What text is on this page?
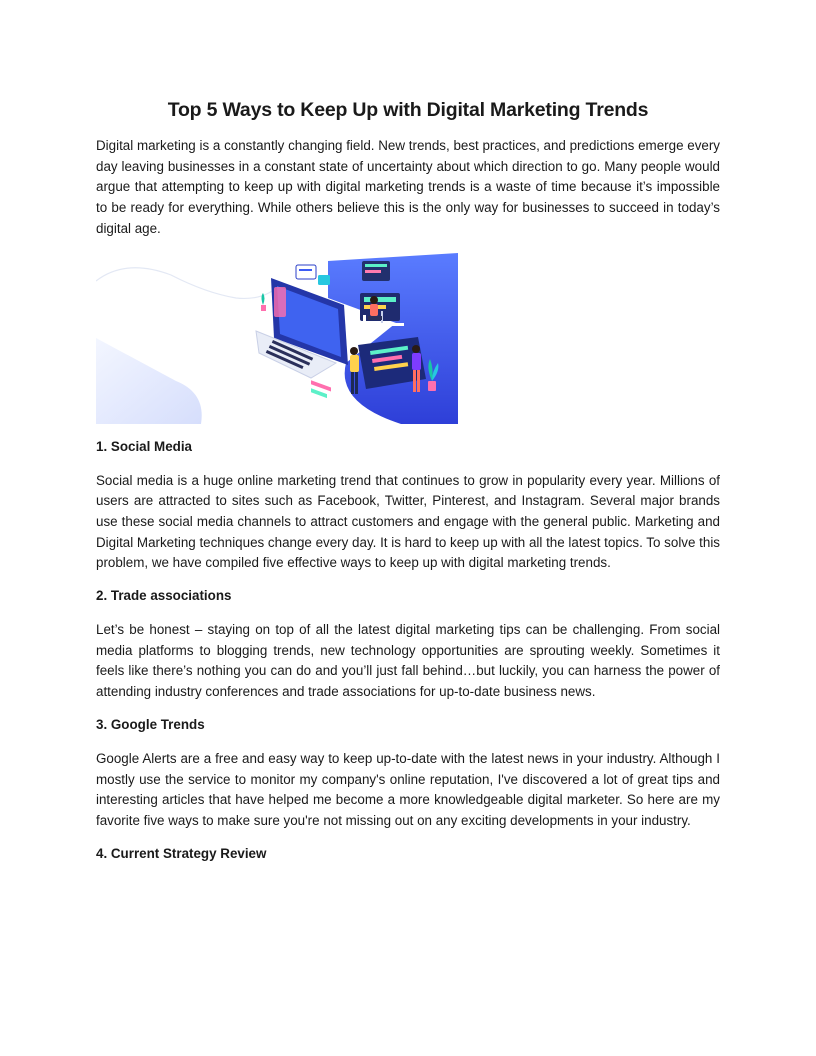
Top 5 Ways to Keep Up with Digital Marketing Trends

Digital marketing is a constantly changing field. New trends, best practices, and predictions emerge every day leaving businesses in a constant state of uncertainty about which direction to go. Many people would argue that attempting to keep up with digital marketing trends is a waste of time because it’s impossible to be ready for everything. While others believe this is the only way for businesses to succeed in today’s digital age.

1. Social Media

Social media is a huge online marketing trend that continues to grow in popularity every year. Millions of users are attracted to sites such as Facebook, Twitter, Pinterest, and Instagram. Several major brands use these social media channels to attract customers and engage with the general public. Marketing and Digital Marketing techniques change every day. It is hard to keep up with all the latest topics. To solve this problem, we have compiled five effective ways to keep up with digital marketing trends.

2. Trade associations

Let’s be honest – staying on top of all the latest digital marketing tips can be challenging. From social media platforms to blogging trends, new technology opportunities are sprouting weekly. Sometimes it feels like there’s nothing you can do and you’ll just fall behind…but luckily, you can harness the power of attending industry conferences and trade associations for up-to-date business news.

3. Google Trends

Google Alerts are a free and easy way to keep up-to-date with the latest news in your industry. Although I mostly use the service to monitor my company's online reputation, I've discovered a lot of great tips and interesting articles that have helped me become a more knowledgeable digital marketer. So here are my favorite five ways to make sure you're not missing out on any exciting developments in your industry.

4. Current Strategy Review
